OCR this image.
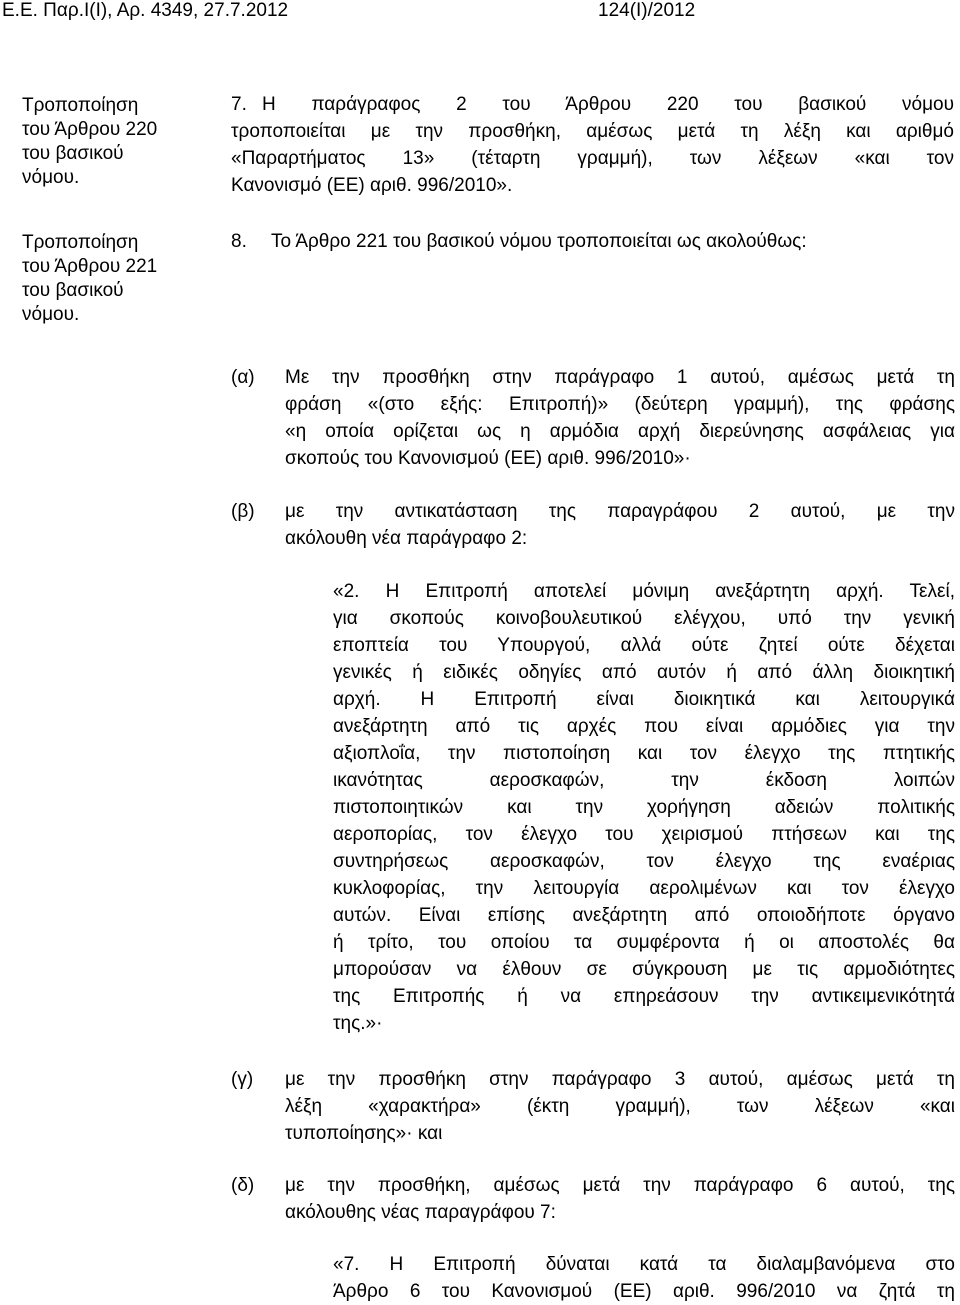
Ε.Ε. Παρ.Ι(Ι), Αρ. 4349, 27.7.2012	124(Ι)/2012
Τροποποίηση
του Άρθρου 220
του βασικού
νόμου.
Τροποποίηση
του Άρθρου 221
του βασικού
νόμου.
7. Η παράγραφος 2 του Άρθρου 220 του βασικού νόμου
τροποποιείται με την προσθήκη, αμέσως μετά τη λέξη και αριθμό
«Παραρτήματος 13» (τέταρτη γραμμή), των λέξεων «και τον
Κανονισμό (ΕΕ) αριθ. 996/2010».
8. Το Άρθρο 221 του βασικού νόμου τροποποιείται ως ακολούθως:
(α) Με την προσθήκη στην παράγραφο 1 αυτού, αμέσως μετά τη
φράση «(στο εξής: Επιτροπή)» (δεύτερη γραμμή), της φράσης
«η οποία ορίζεται ως η αρμόδια αρχή διερεύνησης ασφάλειας για
σκοπούς του Κανονισμού (ΕΕ) αριθ. 996/2010»·
(β) με την αντικατάσταση της παραγράφου 2 αυτού, με την
ακόλουθη νέα παράγραφο 2:
«2. Η Επιτροπή αποτελεί μόνιμη ανεξάρτητη αρχή. Τελεί,
για σκοπούς κοινοβουλευτικού ελέγχου, υπό την γενική
εποπτεία του Υπουργού, αλλά ούτε ζητεί ούτε δέχεται
γενικές ή ειδικές οδηγίες από αυτόν ή από άλλη διοικητική
αρχή. Η Επιτροπή είναι διοικητικά και λειτουργικά
ανεξάρτητη από τις αρχές που είναι αρμόδιες για την
αξιοπλοΐα, την πιστοποίηση και τον έλεγχο της πτητικής
ικανότητας αεροσκαφών, την έκδοση λοιπών
πιστοποιητικών και την χορήγηση αδειών πολιτικής
αεροπορίας, τον έλεγχο του χειρισμού πτήσεων και της
συντηρήσεως αεροσκαφών, τον έλεγχο της εναέριας
κυκλοφορίας, την λειτουργία αερολιμένων και τον έλεγχο
αυτών. Είναι επίσης ανεξάρτητη από οποιοδήποτε όργανο
ή τρίτο, του οποίου τα συμφέροντα ή οι αποστολές θα
μπορούσαν να έλθουν σε σύγκρουση με τις αρμοδιότητες
της Επιτροπής ή να επηρεάσουν την αντικειμενικότητά
της.»·
(γ) με την προσθήκη στην παράγραφο 3 αυτού, αμέσως μετά τη
λέξη «χαρακτήρα» (έκτη γραμμή), των λέξεων «και
τυποποίησης»· και
(δ) με την προσθήκη, αμέσως μετά την παράγραφο 6 αυτού, της
ακόλουθης νέας παραγράφου 7:
«7. Η Επιτροπή δύναται κατά τα διαλαμβανόμενα στο
Άρθρο 6 του Κανονισμού (ΕΕ) αριθ. 996/2010 να ζητά τη
